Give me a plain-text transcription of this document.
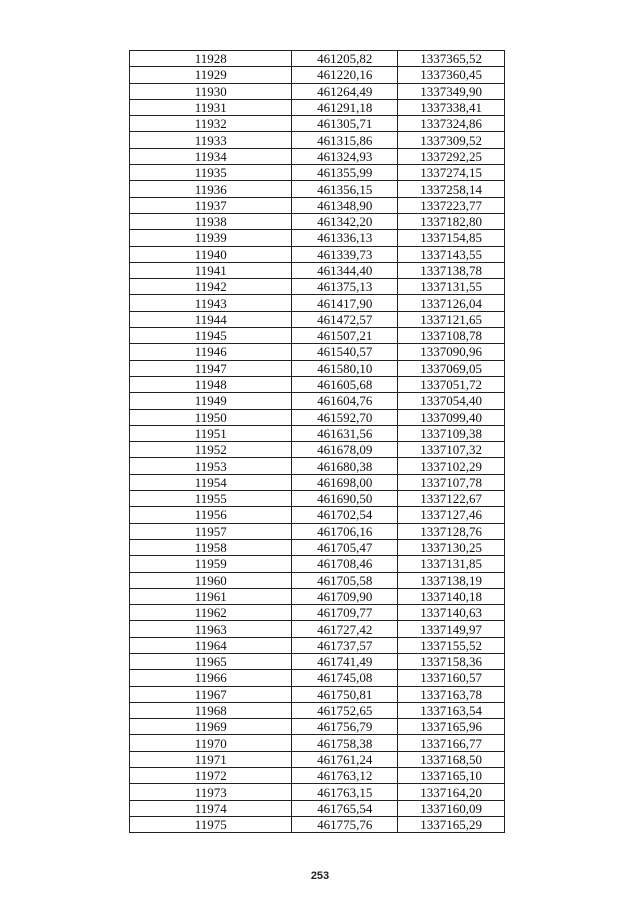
11928	461205,82	1337365,52
11929	461220,16	1337360,45
11930	461264,49	1337349,90
11931	461291,18	1337338,41
11932	461305,71	1337324,86
11933	461315,86	1337309,52
11934	461324,93	1337292,25
11935	461355,99	1337274,15
11936	461356,15	1337258,14
11937	461348,90	1337223,77
11938	461342,20	1337182,80
11939	461336,13	1337154,85
11940	461339,73	1337143,55
11941	461344,40	1337138,78
11942	461375,13	1337131,55
11943	461417,90	1337126,04
11944	461472,57	1337121,65
11945	461507,21	1337108,78
11946	461540,57	1337090,96
11947	461580,10	1337069,05
11948	461605,68	1337051,72
11949	461604,76	1337054,40
11950	461592,70	1337099,40
11951	461631,56	1337109,38
11952	461678,09	1337107,32
11953	461680,38	1337102,29
11954	461698,00	1337107,78
11955	461690,50	1337122,67
11956	461702,54	1337127,46
11957	461706,16	1337128,76
11958	461705,47	1337130,25
11959	461708,46	1337131,85
11960	461705,58	1337138,19
11961	461709,90	1337140,18
11962	461709,77	1337140,63
11963	461727,42	1337149,97
11964	461737,57	1337155,52
11965	461741,49	1337158,36
11966	461745,08	1337160,57
11967	461750,81	1337163,78
11968	461752,65	1337163,54
11969	461756,79	1337165,96
11970	461758,38	1337166,77
11971	461761,24	1337168,50
11972	461763,12	1337165,10
11973	461763,15	1337164,20
11974	461765,54	1337160,09
11975	461775,76	1337165,29
253
